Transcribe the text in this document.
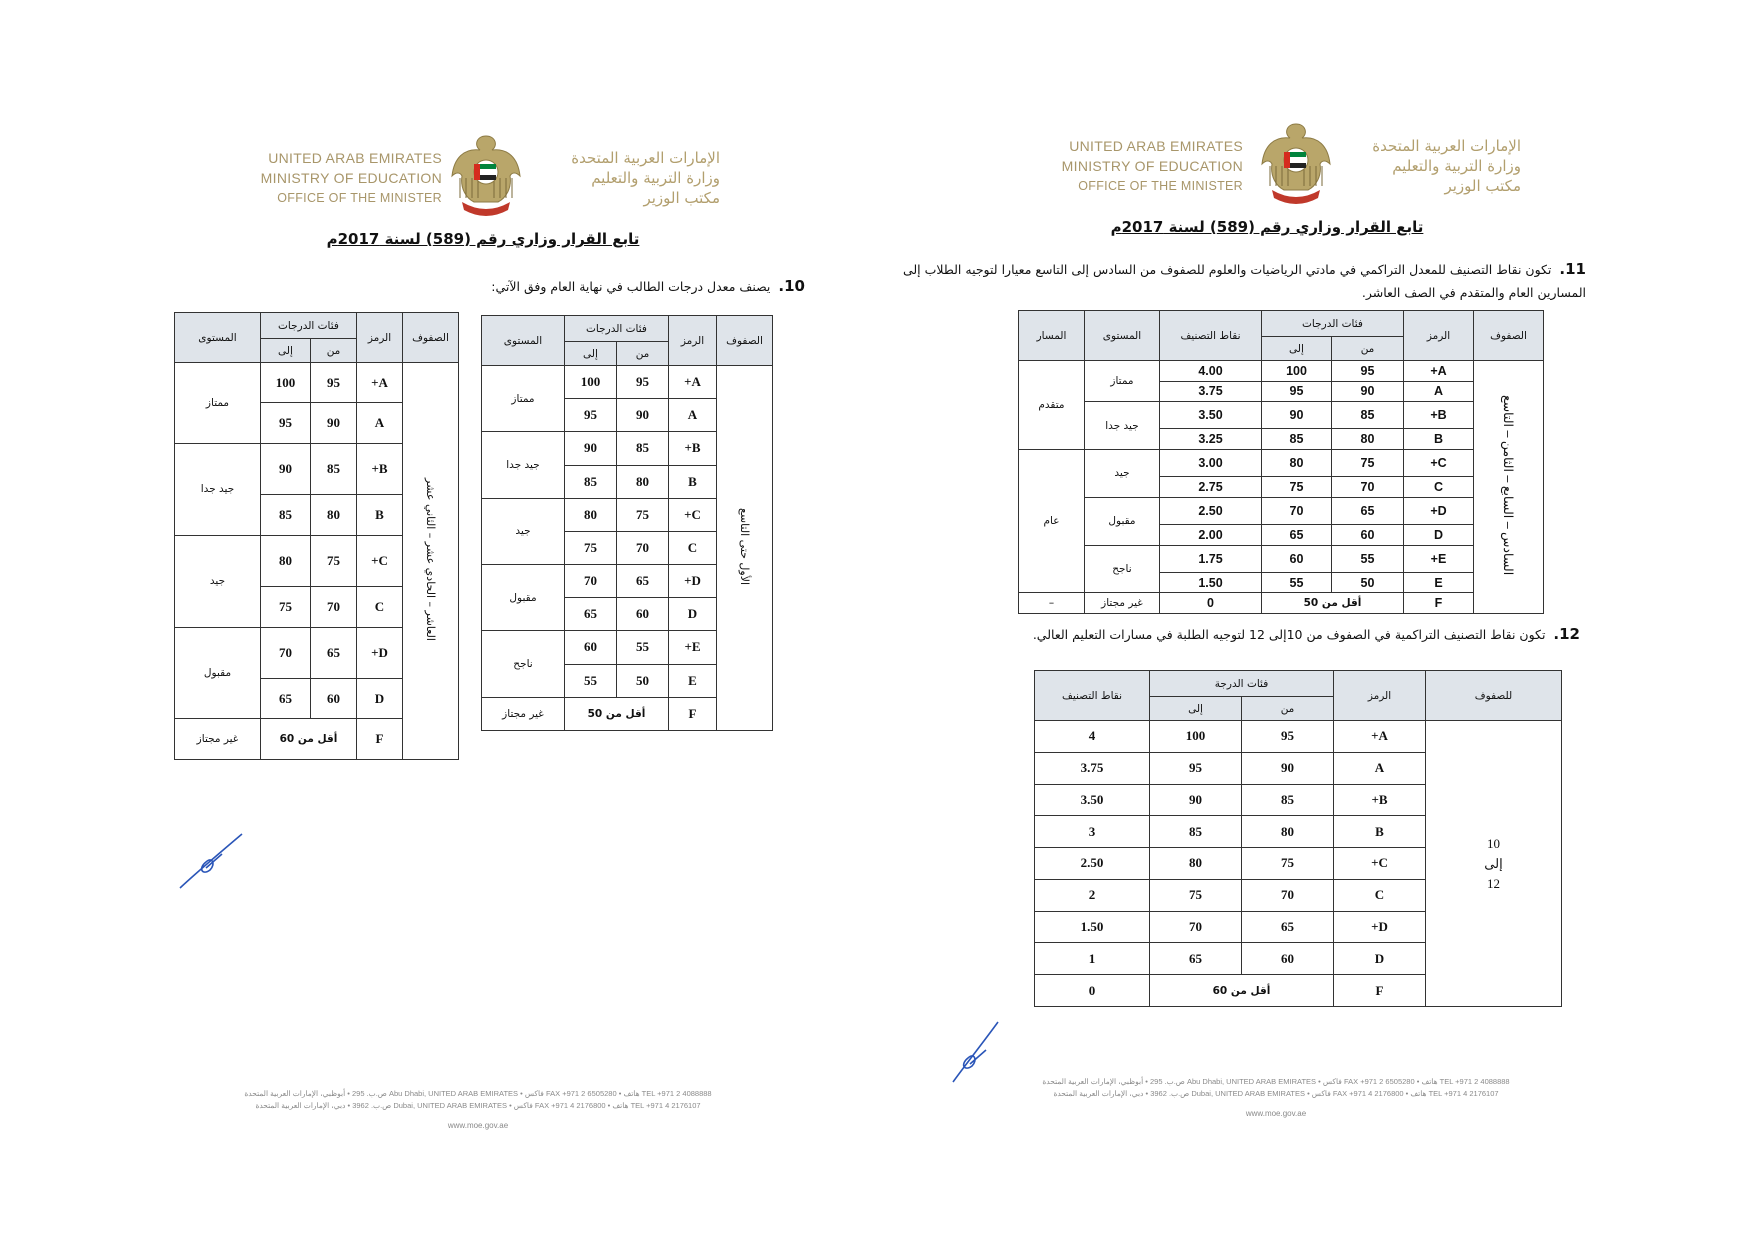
UNITED ARAB EMIRATES
MINISTRY OF EDUCATION
OFFICE OF THE MINISTER
الإمارات العربية المتحدة
وزارة التربية والتعليم
مكتب الوزير
تابع القرار وزاري رقم (589) لسنة 2017م
10.يصنف معدل درجات الطالب في نهاية العام وفق الآتي:
الصفوف	الرمز	فئات الدرجات		المستوى
		من	إلى	
العاشر – الحادي عشر – الثاني عشر	A+	95	100	ممتاز
	A	90	95	
	B+	85	90	جيد جدا
	B	80	85	
	C+	75	80	جيد
	C	70	75	
	D+	65	70	مقبول
	D	60	65	
	F	أقل من 60		غير مجتاز
الصفوف	الرمز	فئات الدرجات		المستوى
		من	إلى	
الأول حتى التاسع	A+	95	100	ممتاز
	A	90	95	
	B+	85	90	جيد جدا
	B	80	85	
	C+	75	80	جيد
	C	70	75	
	D+	65	70	مقبول
	D	60	65	
	E+	55	60	ناجح
	E	50	55	
	F	أقل من 50		غير مجتاز
ص.ب. 295 • أبوظبي، الإمارات العربية المتحدة Abu Dhabi, UNITED ARAB EMIRATES • فاكس FAX +971 2 6505280 • هاتف TEL +971 2 4088888
ص.ب. 3962 • دبي، الإمارات العربية المتحدة Dubai, UNITED ARAB EMIRATES • فاكس FAX +971 4 2176800 • هاتف TEL +971 4 2176107
www.moe.gov.ae
UNITED ARAB EMIRATES
MINISTRY OF EDUCATION
OFFICE OF THE MINISTER
الإمارات العربية المتحدة
وزارة التربية والتعليم
مكتب الوزير
تابع القرار وزاري رقم (589) لسنة 2017م
11.تكون نقاط التصنيف للمعدل التراكمي في مادتي الرياضيات والعلوم للصفوف من السادس إلى التاسع معيارا لتوجيه الطلاب إلى
المسارين العام والمتقدم في الصف العاشر.
الصفوف	الرمز	فئات الدرجات		نقاط التصنيف	المستوى	المسار
		من	إلى			
السادس – السابع – الثامن – التاسع	A+	95	100	4.00	ممتاز	متقدم
	A	90	95	3.75		
	B+	85	90	3.50	جيد جدا	
	B	80	85	3.25		
	C+	75	80	3.00	جيد	عام
	C	70	75	2.75		
	D+	65	70	2.50	مقبول	
	D	60	65	2.00		
	E+	55	60	1.75	ناجح	
	E	50	55	1.50		
	F	أقل من 50		0	غير مجتاز	–
12.تكون نقاط التصنيف التراكمية في الصفوف من 10إلى 12 لتوجيه الطلبة في مسارات التعليم العالي.
للصفوف	الرمز	فئات الدرجة		نقاط التصنيف
		من	إلى	

10
إلى
12	A+	95	100	4
	A	90	95	3.75
	B+	85	90	3.50
	B	80	85	3
	C+	75	80	2.50
	C	70	75	2
	D+	65	70	1.50
	D	60	65	1
	F	أقل من 60		0
ص.ب. 295 • أبوظبي، الإمارات العربية المتحدة Abu Dhabi, UNITED ARAB EMIRATES • فاكس FAX +971 2 6505280 • هاتف TEL +971 2 4088888
ص.ب. 3962 • دبي، الإمارات العربية المتحدة Dubai, UNITED ARAB EMIRATES • فاكس FAX +971 4 2176800 • هاتف TEL +971 4 2176107
www.moe.gov.ae
